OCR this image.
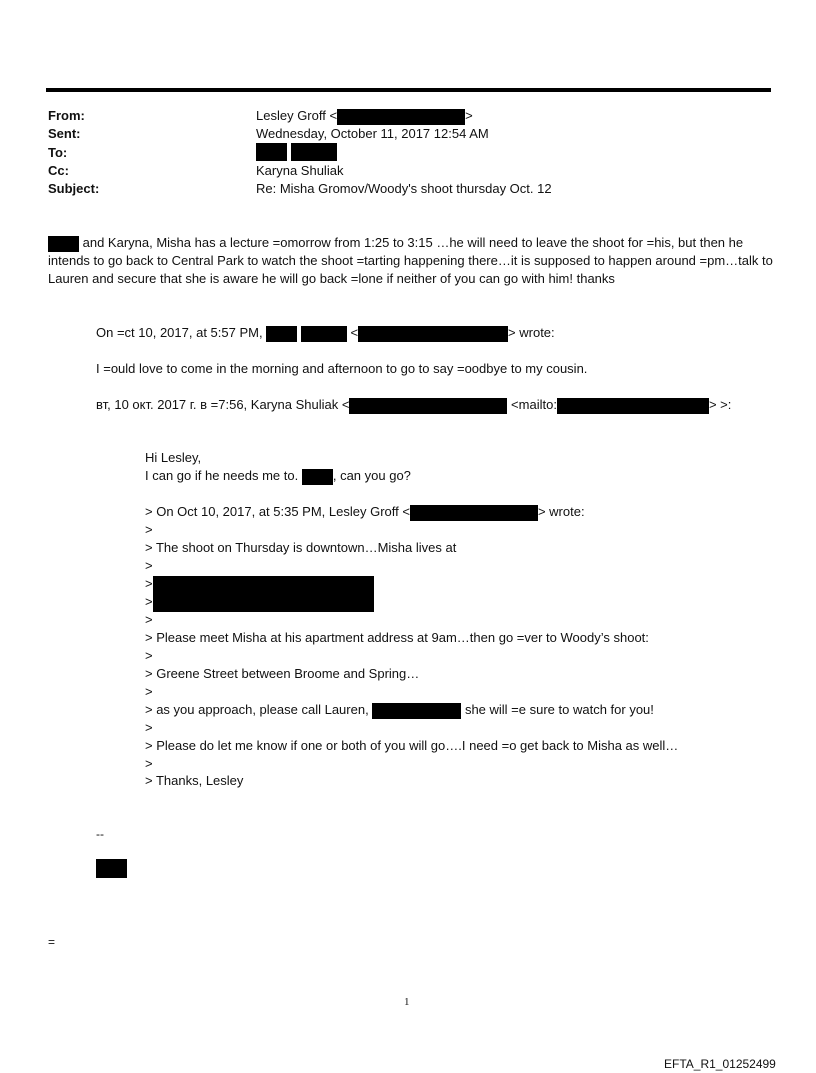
From:	Lesley Groff <	>
Sent:	Wednesday, October 11, 2017 12:54 AM
To:

Cc:	Karyna Shuliak
Subject:	Re: Misha Gromov/Woody's shoot thursday Oct. 12
and Karyna, Misha has a lecture =omorrow from 1:25 to 3:15 …he will need to leave the shoot for =his, but then he intends to go back to Central Park to watch the shoot =tarting happening there…it is supposed to happen around =pm…talk to Lauren and secure that she is aware he will go back =lone if neither of you can go with him! thanks
On =ct 10, 2017, at 5:57 PM,	<	> wrote:
I =ould love to come in the morning and afternoon to go to say =oodbye to my cousin.
вт, 10 окт. 2017 г. в =7:56, Karyna Shuliak <	<mailto:	> >:
Hi Lesley,
I can go if he needs me to.	, can you go?
> On Oct 10, 2017, at 5:35 PM, Lesley Groff <	> wrote:
>
> The shoot on Thursday is downtown…Misha lives at
>
>
>
>
> Please meet Misha at his apartment address at 9am…then go =ver to Woody’s shoot:
>
> Greene Street between Broome and Spring…
>
> as you approach, please call Lauren,	she will =e sure to watch for you!
>
> Please do let me know if one or both of you will go….I need =o get back to Misha as well…
>
> Thanks, Lesley
--
=
1
EFTA_R1_01252499
